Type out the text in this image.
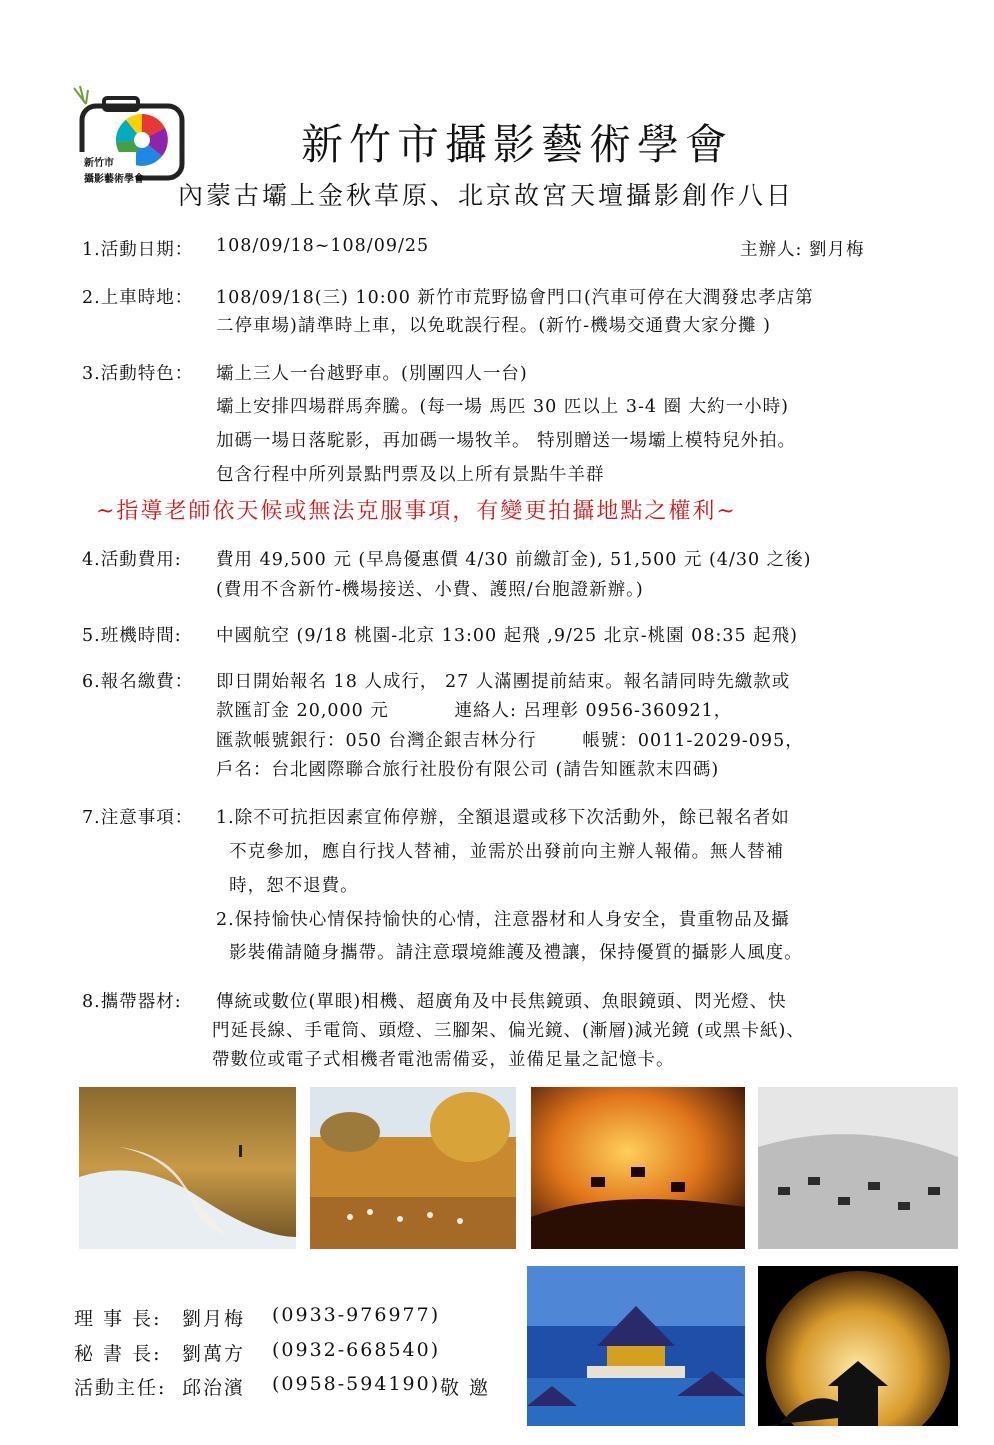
新竹市
攝影藝術學會
新竹市攝影藝術學會
內蒙古壩上金秋草原、北京故宮天壇攝影創作八日
1.活動日期： 108/09/18~108/09/25	主辦人: 劉月梅
2.上車時地： 108/09/18(三) 10:00 新竹市荒野協會門口(汽車可停在大潤發忠孝店第
二停車場)請準時上車，以免耽誤行程。(新竹-機場交通費大家分攤 )
3.活動特色： 壩上三人一台越野車。(別團四人一台)
壩上安排四場群馬奔騰。(每一場 馬匹 30 匹以上 3-4 圈 大約一小時)
加碼一場日落駝影，再加碼一場牧羊。 特別贈送一場壩上模特兒外拍。
包含行程中所列景點門票及以上所有景點牛羊群
~指導老師依天候或無法克服事項，有變更拍攝地點之權利~
4.活動費用: 費用 49,500 元 (早鳥優惠價 4/30 前繳訂金), 51,500 元 (4/30 之後)
(費用不含新竹-機場接送、小費、護照/台胞證新辦。)
5.班機時間: 中國航空 (9/18 桃園-北京 13:00 起飛 ,9/25 北京-桃園 08:35 起飛)
6.報名繳費： 即日開始報名 18 人成行， 27 人滿團提前結束。報名請同時先繳款或
款匯訂金 20,000 元          連絡人: 呂理彰 0956-360921，
匯款帳號銀行：050 台灣企銀吉林分行       帳號：0011-2029-095，
戶名：台北國際聯合旅行社股份有限公司 (請告知匯款末四碼)
7.注意事項： 1.除不可抗拒因素宣佈停辦，全額退還或移下次活動外，餘已報名者如
不克參加，應自行找人替補，並需於出發前向主辦人報備。無人替補
時，恕不退費。
2.保持愉快心情保持愉快的心情，注意器材和人身安全，貴重物品及攝
影裝備請隨身攜帶。請注意環境維護及禮讓，保持優質的攝影人風度。
8.攜帶器材: 傳統或數位(單眼)相機、超廣角及中長焦鏡頭、魚眼鏡頭、閃光燈、快
門延長線、手電筒、頭燈、三腳架、偏光鏡、(漸層)減光鏡 (或黑卡紙)、
帶數位或電子式相機者電池需備妥，並備足量之記憶卡。
理 事 長: 劉月梅 (0933-976977)
秘 書 長: 劉萬方 (0932-668540)
活動主任: 邱治濱 (0958-594190) 敬 邀
